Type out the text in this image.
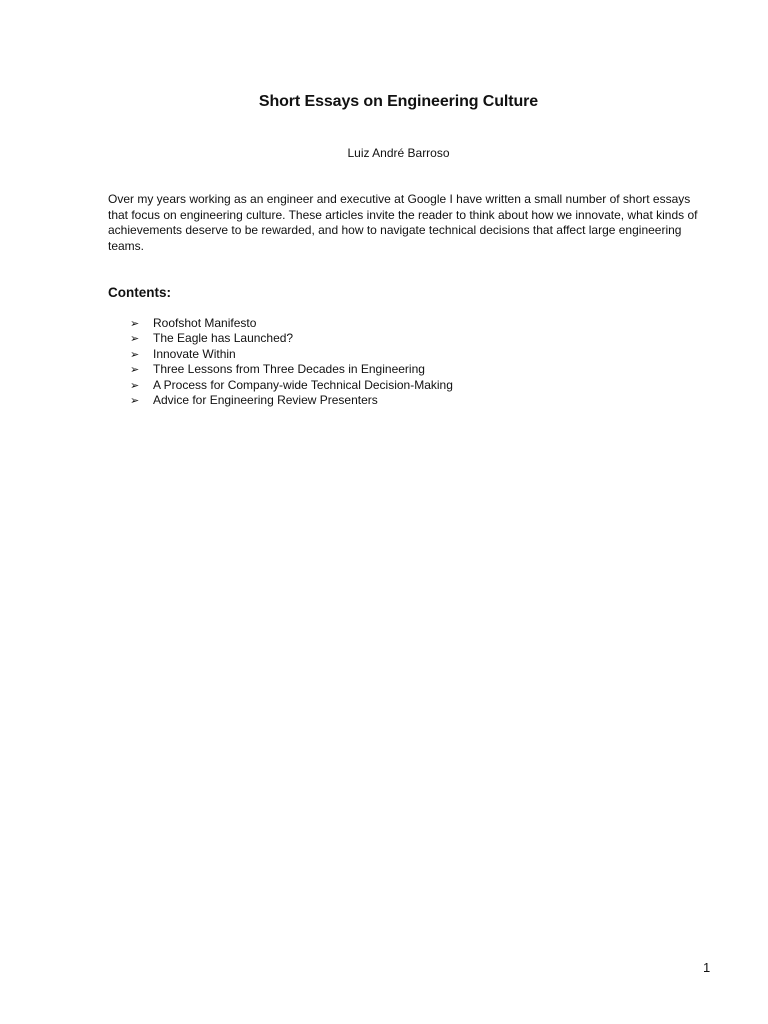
Short Essays on Engineering Culture
Luiz André Barroso

Over my years working as an engineer and executive at Google I have written a small number of short essays that focus on engineering culture. These articles invite the reader to think about how we innovate, what kinds of achievements deserve to be rewarded, and how to navigate technical decisions that affect large engineering teams.

Contents:
➢ Roofshot Manifesto
➢ The Eagle has Launched?
➢ Innovate Within
➢ Three Lessons from Three Decades in Engineering
➢ A Process for Company-wide Technical Decision-Making
➢ Advice for Engineering Review Presenters
1
